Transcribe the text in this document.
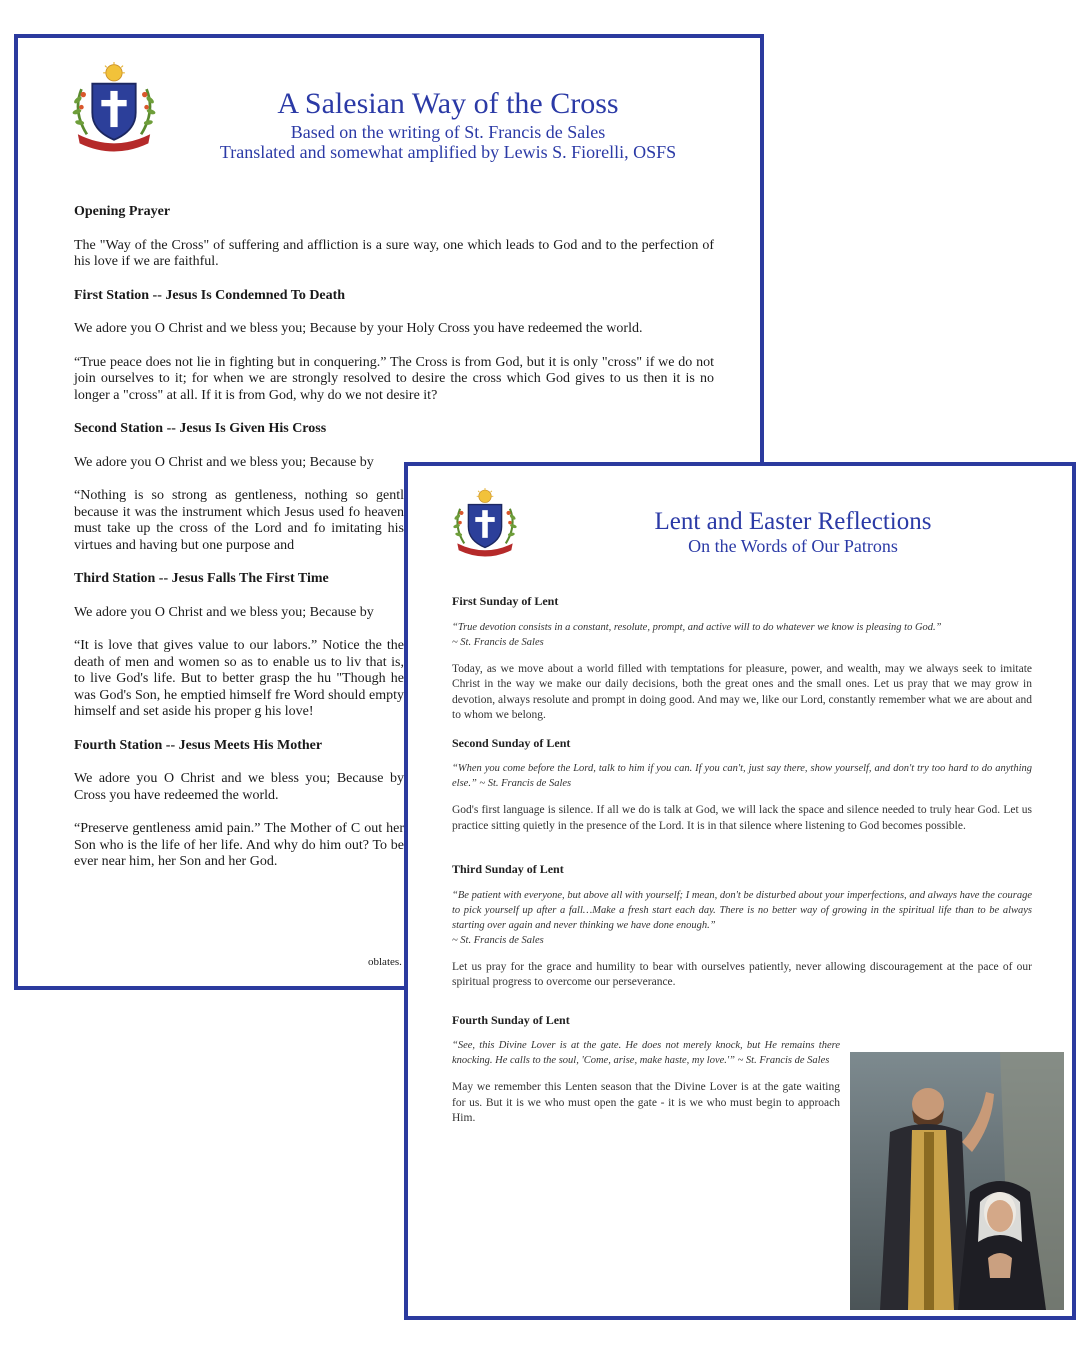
A Salesian Way of the Cross
Based on the writing of St. Francis de Sales
Translated and somewhat amplified by Lewis S. Fiorelli, OSFS
Opening Prayer

The "Way of the Cross" of suffering and affliction is a sure way, one which leads to God and to the perfection of his love if we are faithful.

First Station -- Jesus Is Condemned To Death

We adore you O Christ and we bless you; Because by your Holy Cross you have redeemed the world.

“True peace does not lie in fighting but in conquering.” The Cross is from God, but it is only "cross" if we do not join ourselves to it; for when we are strongly resolved to desire the cross which God gives to us then it is no longer a "cross" at all. If it is from God, why do we not desire it?

Second Station -- Jesus Is Given His Cross

We adore you O Christ and we bless you; Because by

“Nothing is so strong as gentleness, nothing so gentl because it was the instrument which Jesus used fo heaven must take up the cross of the Lord and fo imitating his virtues and having but one purpose and

Third Station -- Jesus Falls The First Time

We adore you O Christ and we bless you; Because by

“It is love that gives value to our labors.” Notice the the death of men and women so as to enable us to liv that is, to live God's life. But to better grasp the hu "Though he was God's Son, he emptied himself fre Word should empty himself and set aside his proper g his love!

Fourth Station -- Jesus Meets His Mother

We adore you O Christ and we bless you; Because by Cross you have redeemed the world.

“Preserve gentleness amid pain.” The Mother of C out her Son who is the life of her life. And why do him out? To be ever near him, her Son and her God.

oblates.
Lent and Easter Reflections
On the Words of Our Patrons
First Sunday of Lent

“True devotion consists in a constant, resolute, prompt, and active will to do whatever we know is pleasing to God.”
~ St. Francis de Sales

Today, as we move about a world filled with temptations for pleasure, power, and wealth, may we always seek to imitate Christ in the way we make our daily decisions, both the great ones and the small ones. Let us pray that we may grow in devotion, always resolute and prompt in doing good. And may we, like our Lord, constantly remember what we are about and to whom we belong.

Second Sunday of Lent

“When you come before the Lord, talk to him if you can. If you can't, just say there, show yourself, and don't try too hard to do anything else.” ~ St. Francis de Sales

God's first language is silence. If all we do is talk at God, we will lack the space and silence needed to truly hear God. Let us practice sitting quietly in the presence of the Lord. It is in that silence where listening to God becomes possible.

Third Sunday of Lent

“Be patient with everyone, but above all with yourself; I mean, don't be disturbed about your imperfections, and always have the courage to pick yourself up after a fall…Make a fresh start each day. There is no better way of growing in the spiritual life than to be always starting over again and never thinking we have done enough.”
~ St. Francis de Sales

Let us pray for the grace and humility to bear with ourselves patiently, never allowing discouragement at the pace of our spiritual progress to overcome our perseverance.

Fourth Sunday of Lent

“See, this Divine Lover is at the gate. He does not merely knock, but He remains there knocking. He calls to the soul, 'Come, arise, make haste, my love.'” ~ St. Francis de Sales

May we remember this Lenten season that the Divine Lover is at the gate waiting for us. But it is we who must open the gate - it is we who must begin to approach Him.
